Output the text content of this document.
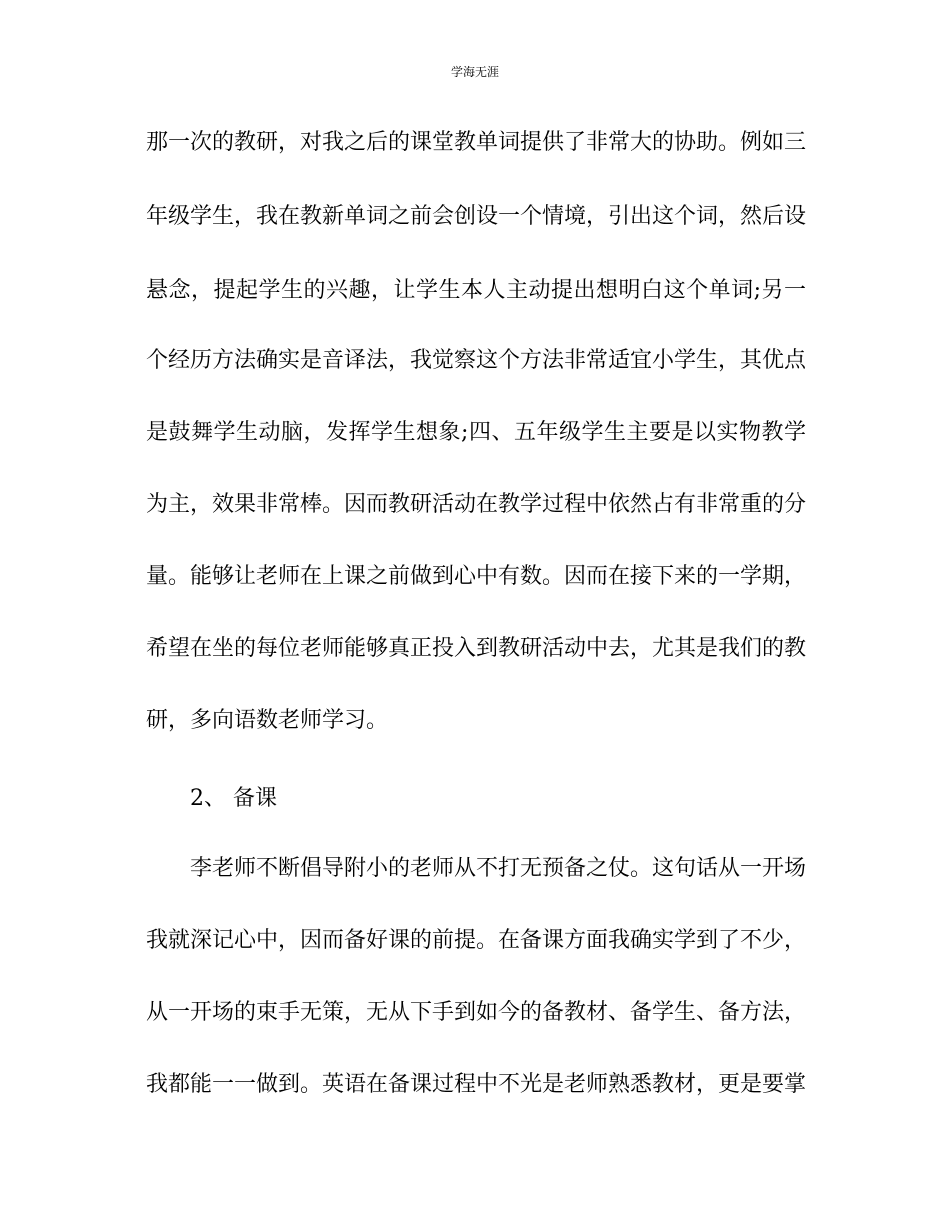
学海无涯
那一次的教研，对我之后的课堂教单词提供了非常大的协助。例如三
年级学生，我在教新单词之前会创设一个情境，引出这个词，然后设
悬念，提起学生的兴趣，让学生本人主动提出想明白这个单词;另一
个经历方法确实是音译法，我觉察这个方法非常适宜小学生，其优点
是鼓舞学生动脑，发挥学生想象;四、五年级学生主要是以实物教学
为主，效果非常棒。因而教研活动在教学过程中依然占有非常重的分
量。能够让老师在上课之前做到心中有数。因而在接下来的一学期，
希望在坐的每位老师能够真正投入到教研活动中去，尤其是我们的教
研，多向语数老师学习。
2、 备课
李老师不断倡导附小的老师从不打无预备之仗。这句话从一开场
我就深记心中，因而备好课的前提。在备课方面我确实学到了不少，
从一开场的束手无策，无从下手到如今的备教材、备学生、备方法，
我都能一一做到。英语在备课过程中不光是老师熟悉教材，更是要掌
